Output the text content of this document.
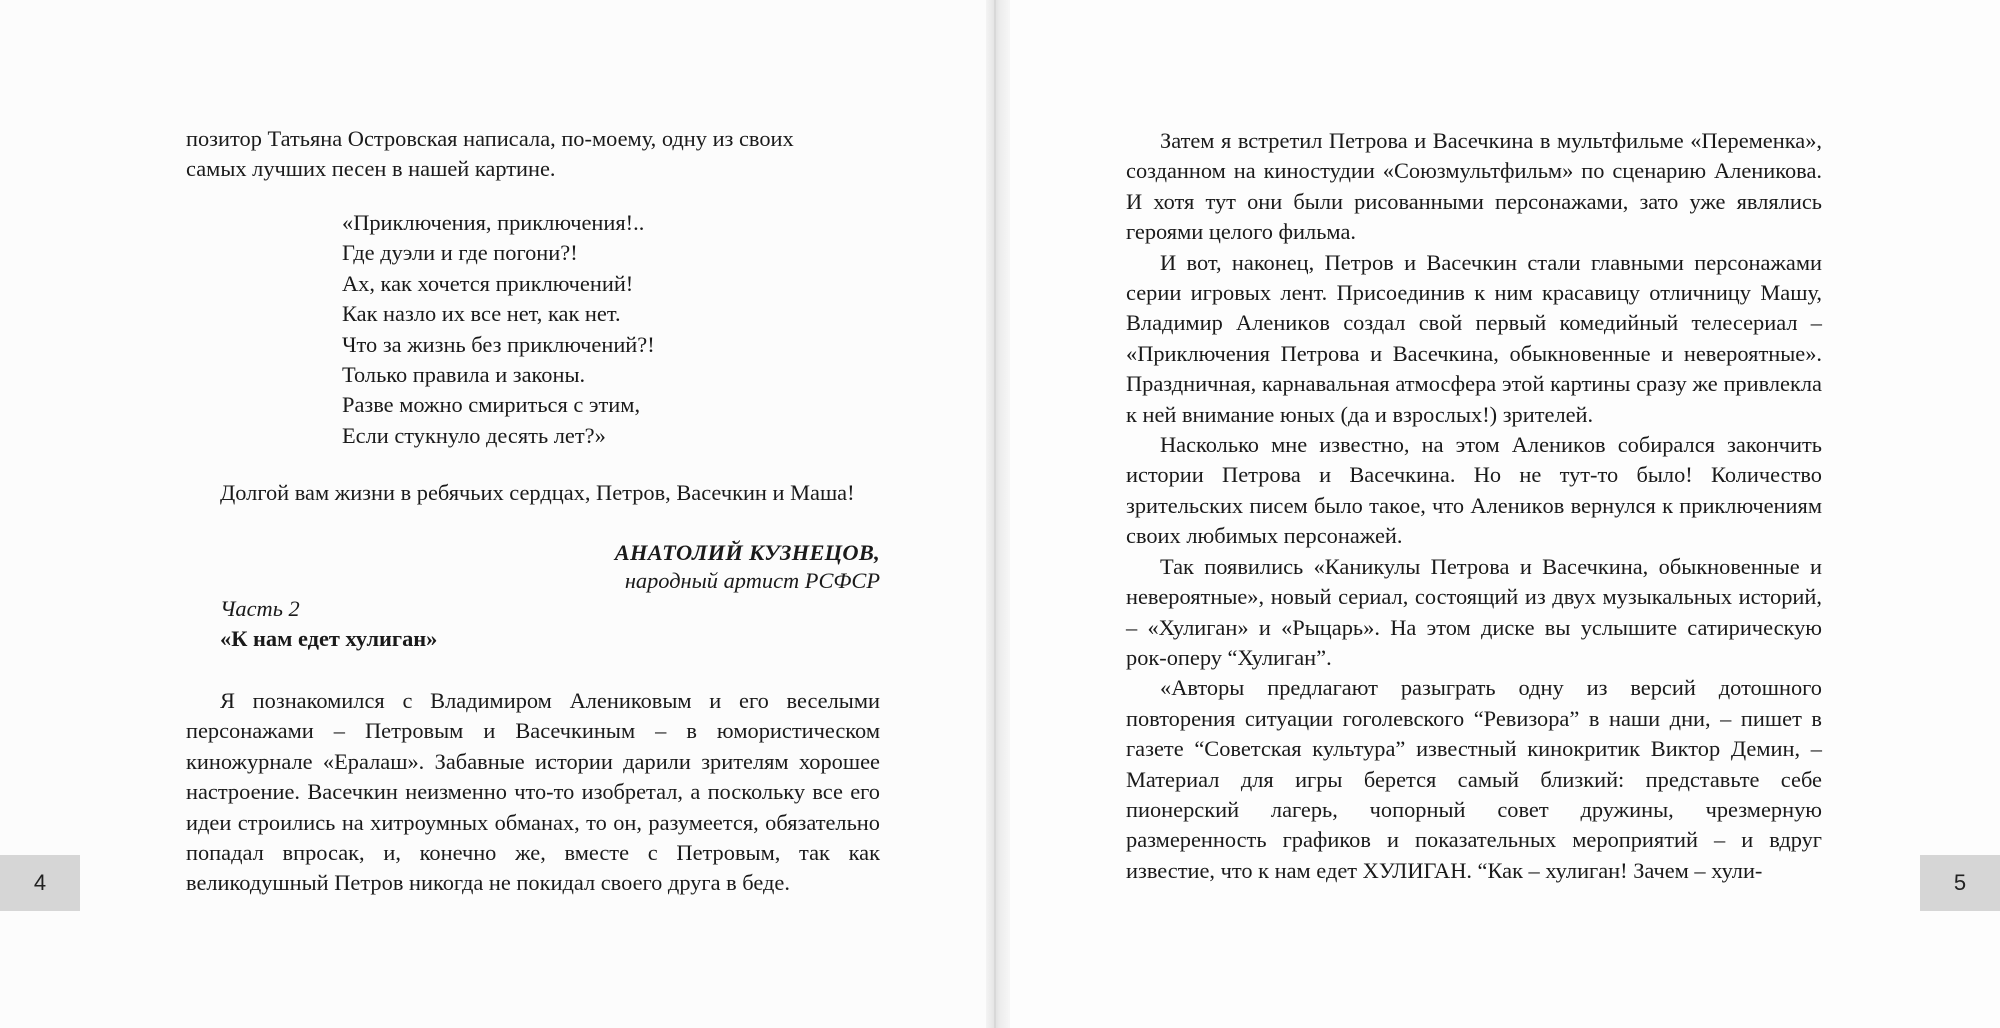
позитор Татьяна Островская написала, по-моему, одну из своих

самых лучших песен в нашей картине.

«Приключения, приключения!..
Где дуэли и где погони?!
Ах, как хочется приключений!
Как назло их все нет, как нет.
Что за жизнь без приключений?!
Только правила и законы.
Разве можно смириться с этим,
Если стукнуло десять лет?»

Долгой вам жизни в ребячьих сердцах, Петров, Васечкин и Маша!

АНАТОЛИЙ КУЗНЕЦОВ,
народный артист РСФСР
Часть 2
«К нам едет хулиган»

Я познакомился с Владимиром Алениковым и его веселыми персонажами – Петровым и Васечкиным – в юмористическом киножурнале «Ералаш». Забавные истории дарили зрителям хорошее настроение. Васечкин неизменно что-то изобретал, а поскольку все его идеи строились на хитроумных обманах, то он, разумеется, обязательно попадал впросак, и, конечно же, вместе с Петровым, так как великодушный Петров никогда не покидал своего друга в беде.

4

Затем я встретил Петрова и Васечкина в мультфильме «Переменка», созданном на киностудии «Союзмультфильм» по сценарию Аленикова. И хотя тут они были рисованными персонажами, зато уже являлись героями целого фильма.

И вот, наконец, Петров и Васечкин стали главными персонажами серии игровых лент. Присоединив к ним красавицу отличницу Машу, Владимир Аленикoв создал свой первый комедийный телесериал – «Приключения Петрова и Васечкина, обыкновенные и невероятные». Праздничная, карнавальная атмосфера этой картины сразу же привлекла к ней внимание юных (да и взрослых!) зрителей.

Насколько мне известно, на этом Аленикoв собирался закончить истории Петрова и Васечкина. Но не тут-то было! Количество зрительских писем было такое, что Аленикoв вернулся к приключениям своих любимых персонажей.

Так появились «Каникулы Петрова и Васечкина, обыкновенные и невероятные», новый сериал, состоящий из двух музыкальных историй, – «Хулиган» и «Рыцарь». На этом диске вы услышите сатирическую рок-оперу “Хулиган”.

«Авторы предлагают разыграть одну из версий дотошного повторения ситуации гоголевского “Ревизора” в наши дни, – пишет в газете “Советская культура” известный кинокритик Виктор Демин, – Материал для игры берется самый близкий: представьте себе пионерский лагерь, чопорный совет дружины, чрезмерную размеренность графиков и показательных мероприятий – и вдруг известие, что к нам едет ХУЛИГАН. “Как – хулиган! Зачем – хули-	5
